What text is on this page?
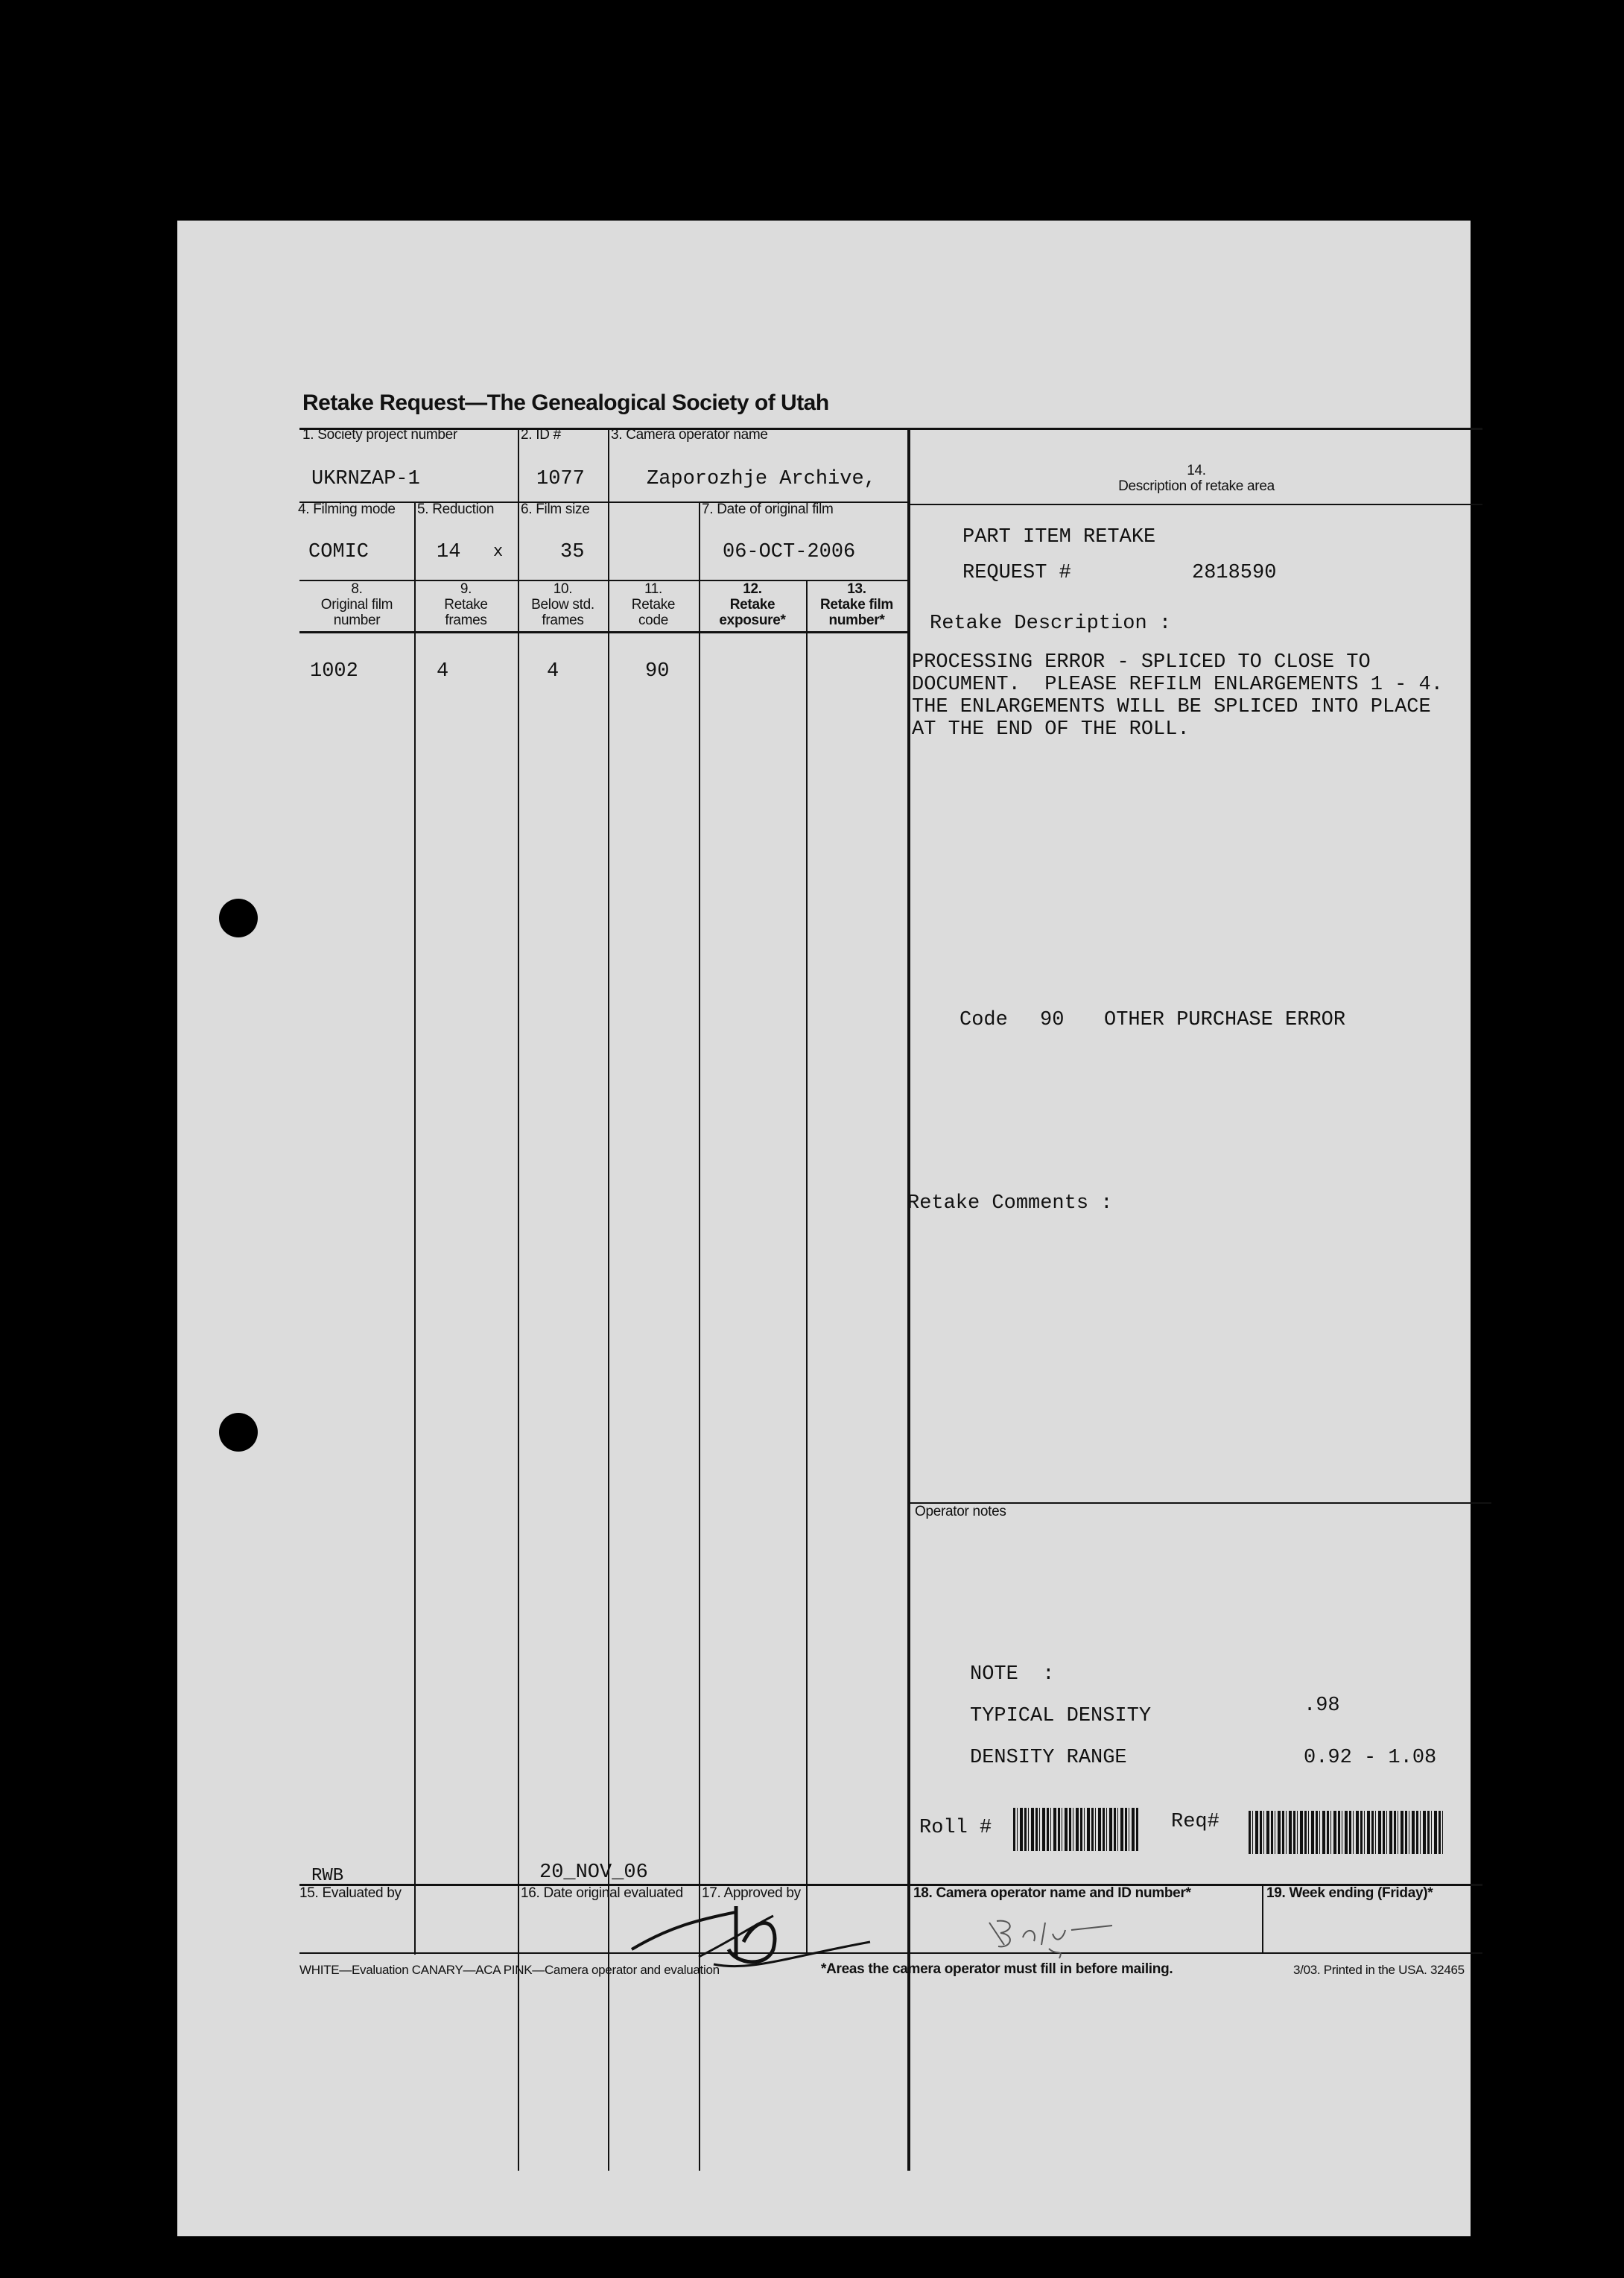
Retake Request—The Genealogical Society of Utah
1. Society project number	2. ID #	3. Camera operator name
14.
Description of retake area
4. Filming mode 5. Reduction 6. Film size	7. Date of original film
8.
Original film
number
9.
Retake
frames
10.
Below std.
frames
11.
Retake
code
12.
Retake
exposure*
13.
Retake film
number*
UKRNZAP-1	1077	Zaporozhje Archive,
COMIC	14 x	35	06-OCT-2006
1002	4	4	90
PART ITEM RETAKE
REQUEST #	2818590
Retake Description :
PROCESSING ERROR - SPLICED TO CLOSE TO
DOCUMENT.  PLEASE REFILM ENLARGEMENTS 1 - 4.
THE ENLARGEMENTS WILL BE SPLICED INTO PLACE
AT THE END OF THE ROLL.
Code 90 OTHER PURCHASE ERROR
Retake Comments :
Operator notes
NOTE  :
TYPICAL DENSITY	.98
DENSITY RANGE	0.92 - 1.08
Roll #	Req#
RWB	20_NOV_06
15. Evaluated by	16. Date original evaluated 17. Approved by	18. Camera operator name and ID number*	19. Week ending (Friday)*
WHITE—Evaluation CANARY—ACA PINK—Camera operator and evaluation	*Areas the camera operator must fill in before mailing.	3/03. Printed in the USA. 32465
